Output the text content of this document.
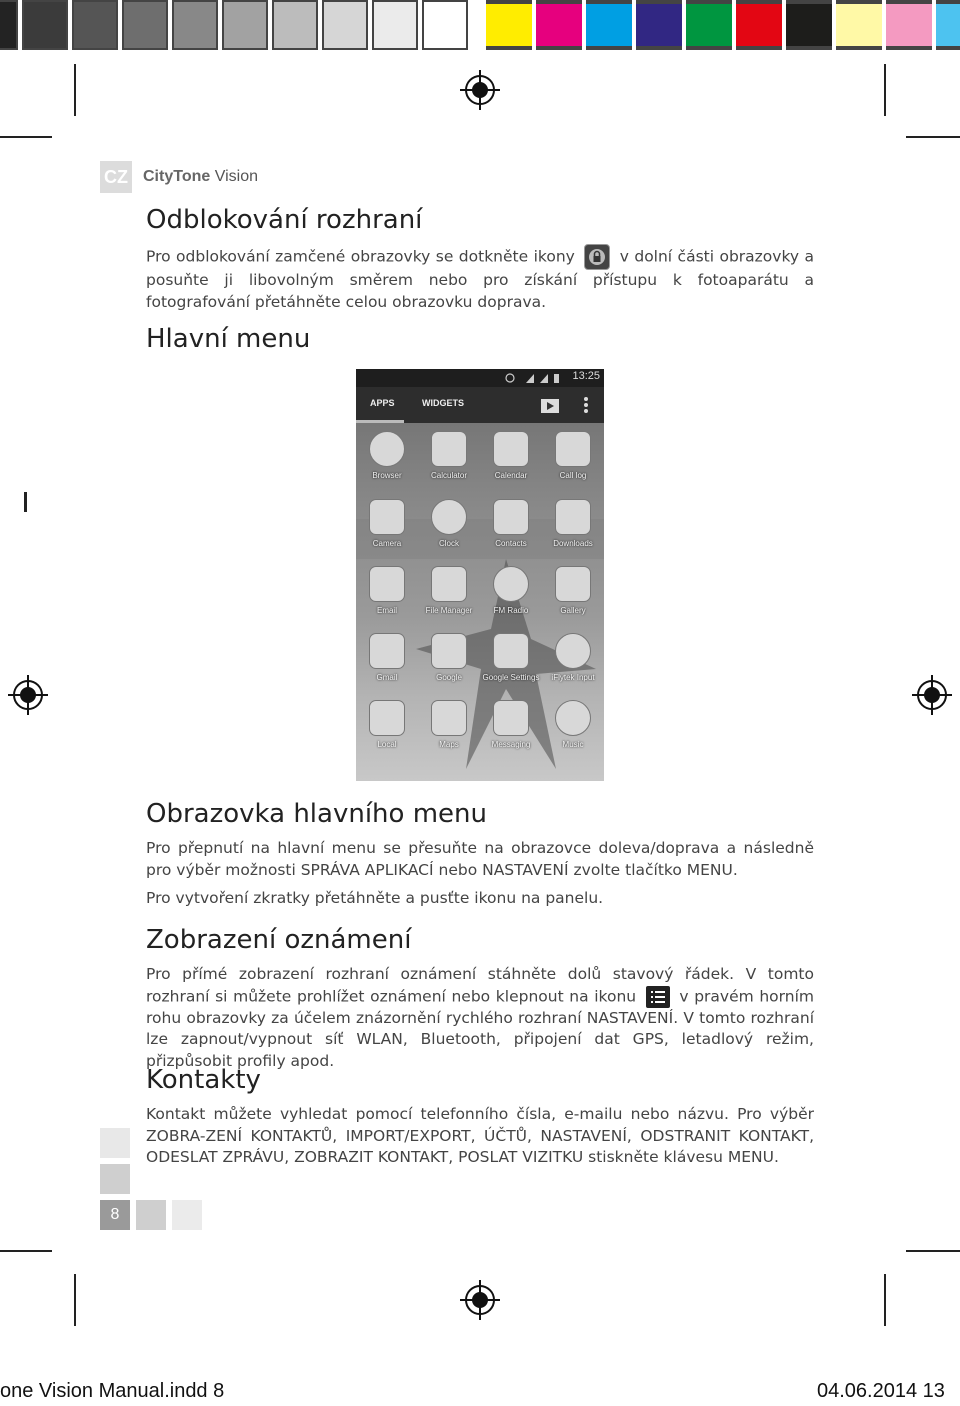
CZ CityTone Vision
Odblokování rozhraní

Pro odblokování zamčené obrazovky se dotkněte ikony	v dolní části obrazovky a posuňte ji libovolným směrem nebo pro získání přístupu k fotoaparátu a fotografování přetáhněte celou obrazovku doprava.

Hlavní menu
13:25
APPS	WIDGETS
Browser	Calculator	Calendar	Call log
Camera	Clock	Contacts	Downloads
Email	File Manager	FM Radio	Gallery
Gmail	Google	Google Settings	iFlytek Input
Local	Maps	Messaging	Music
Obrazovka hlavního menu

Pro přepnutí na hlavní menu se přesuňte na obrazovce doleva/doprava a následně pro výběr možnosti SPRÁVA APLIKACÍ nebo NASTAVENÍ zvolte tlačítko MENU.

Pro vytvoření zkratky přetáhněte a pusťte ikonu na panelu.

Zobrazení oznámení

Pro přímé zobrazení rozhraní oznámení stáhněte dolů stavový řádek. V tomto rozhraní si můžete prohlížet oznámení nebo klepnout na ikonu	v pravém horním rohu obrazovky za účelem znázornění rychlého rozhraní NASTAVENÍ. V tomto rozhraní lze zapnout/vypnout síť WLAN, Bluetooth, připojení dat GPS, letadlový režim, přizpůsobit profily apod.

Kontakty

Kontakt můžete vyhledat pomocí telefonního čísla, e-mailu nebo názvu. Pro výběr ZOBRA-ZENÍ KONTAKTŮ, IMPORT/EXPORT, ÚČTŮ, NASTAVENÍ, ODSTRANIT KONTAKT, ODESLAT ZPRÁVU, ZOBRAZIT KONTAKT, POSLAT VIZITKU stiskněte klávesu MENU.

8
one Vision Manual.indd 8	04.06.2014 13
